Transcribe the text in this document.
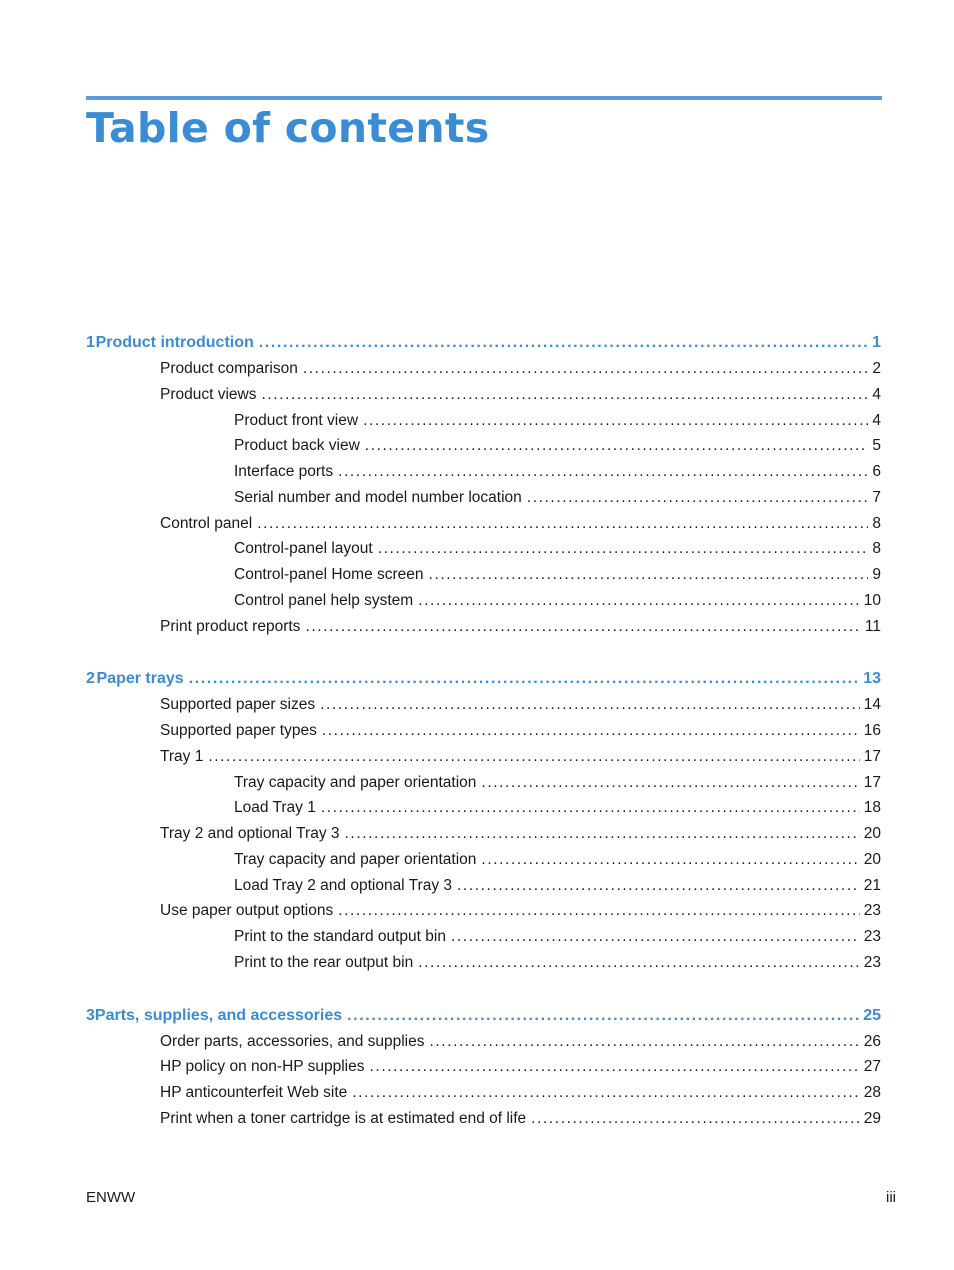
Table of contents
1 Product introduction .....	1
Product comparison .....	2
Product views .....	4
Product front view .....	4
Product back view .....	5
Interface ports .....	6
Serial number and model number location .....	7
Control panel .....	8
Control-panel layout .....	8
Control-panel Home screen .....	9
Control panel help system .....	10
Print product reports .....	11
2 Paper trays .....	13
Supported paper sizes .....	14
Supported paper types .....	16
Tray 1 .....	17
Tray capacity and paper orientation .....	17
Load Tray 1 .....	18
Tray 2 and optional Tray 3 .....	20
Tray capacity and paper orientation .....	20
Load Tray 2 and optional Tray 3 .....	21
Use paper output options .....	23
Print to the standard output bin .....	23
Print to the rear output bin .....	23
3 Parts, supplies, and accessories .....	25
Order parts, accessories, and supplies .....	26
HP policy on non-HP supplies .....	27
HP anticounterfeit Web site .....	28
Print when a toner cartridge is at estimated end of life .....	29
ENWW	iii
